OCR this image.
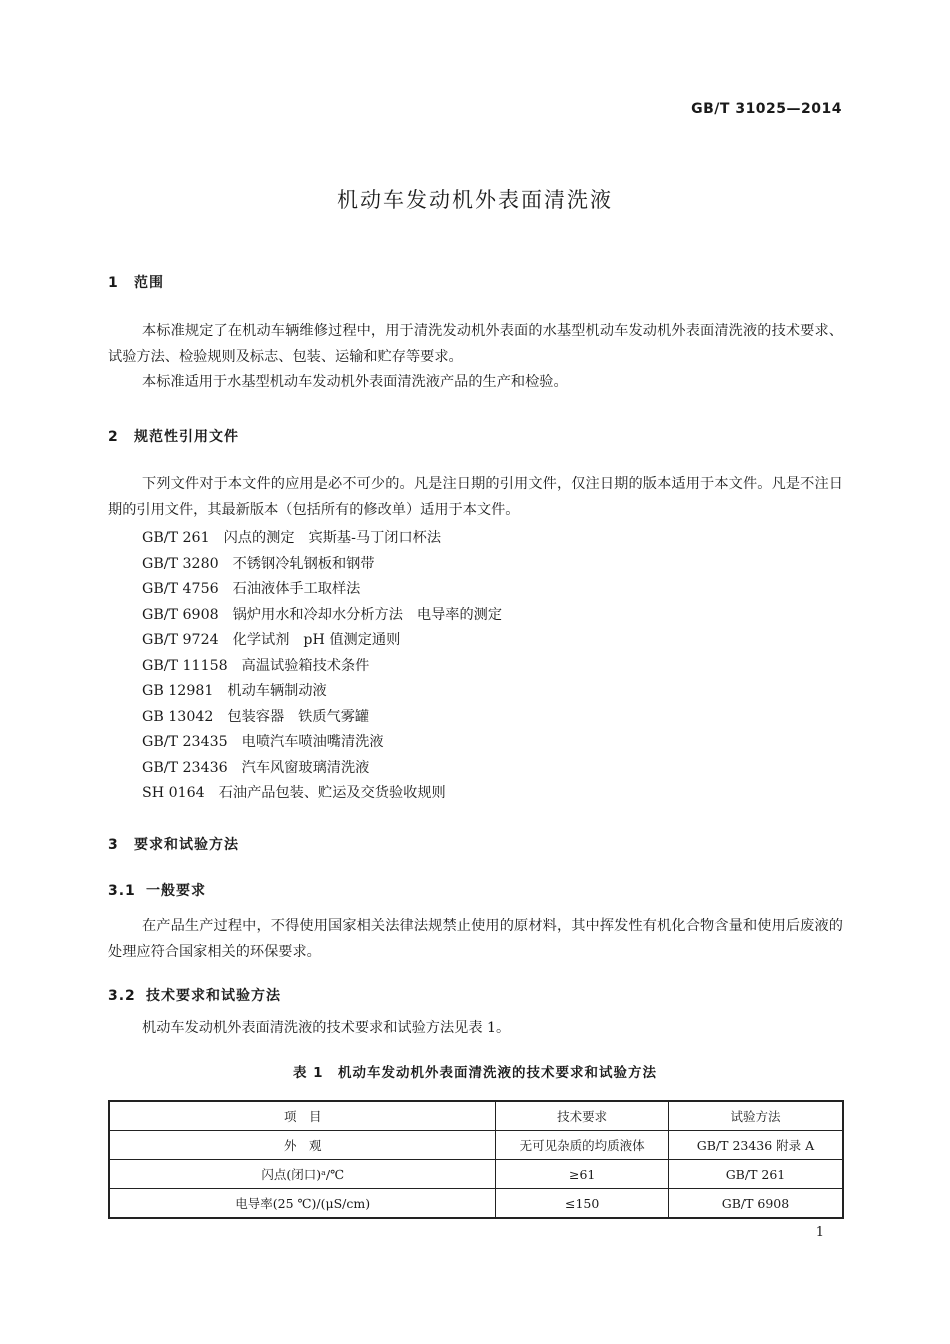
GB/T 31025—2014
机动车发动机外表面清洗液
1 范围
本标准规定了在机动车辆维修过程中，用于清洗发动机外表面的水基型机动车发动机外表面清洗液的技术要求、试验方法、检验规则及标志、包装、运输和贮存等要求。
本标准适用于水基型机动车发动机外表面清洗液产品的生产和检验。
2 规范性引用文件
下列文件对于本文件的应用是必不可少的。凡是注日期的引用文件，仅注日期的版本适用于本文件。凡是不注日期的引用文件，其最新版本（包括所有的修改单）适用于本文件。
GB/T 261 闪点的测定 宾斯基-马丁闭口杯法
GB/T 3280 不锈钢冷轧钢板和钢带
GB/T 4756 石油液体手工取样法
GB/T 6908 锅炉用水和冷却水分析方法 电导率的测定
GB/T 9724 化学试剂 pH 值测定通则
GB/T 11158 高温试验箱技术条件
GB 12981 机动车辆制动液
GB 13042 包装容器 铁质气雾罐
GB/T 23435 电喷汽车喷油嘴清洗液
GB/T 23436 汽车风窗玻璃清洗液
SH 0164 石油产品包装、贮运及交货验收规则
3 要求和试验方法
3.1 一般要求
在产品生产过程中，不得使用国家相关法律法规禁止使用的原材料，其中挥发性有机化合物含量和使用后废液的处理应符合国家相关的环保要求。
3.2 技术要求和试验方法
机动车发动机外表面清洗液的技术要求和试验方法见表 1。
表 1　机动车发动机外表面清洗液的技术要求和试验方法
项　目	技术要求	试验方法
外　观	无可见杂质的均质液体	GB/T 23436 附录 A
闪点(闭口)ᵃ/℃	≥61	GB/T 261
电导率(25 ℃)/(μS/cm)	≤150	GB/T 6908
1
